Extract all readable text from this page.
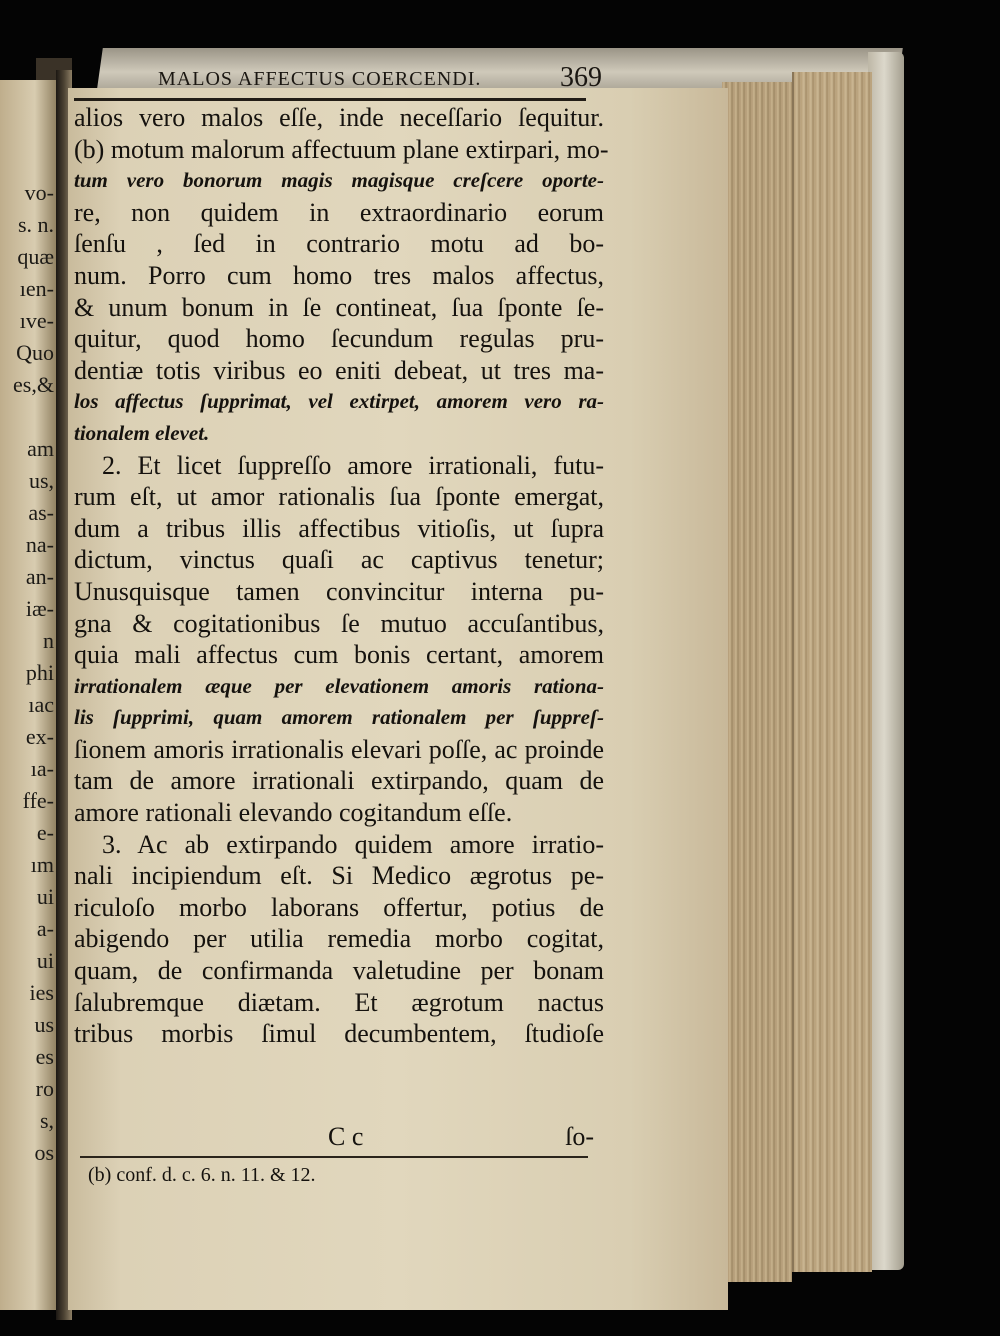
vo-
s. n.
quæ
ıen-
ıve-
Quo
es,&
am
us,
as-
na-
an-
iæ-
n
phi
ıac
ex-
ıa-
ffe-
e-
ım
ui
a-
ui
ies
us
es
ro
s,
os
MALOS AFFECTUS COERCENDI.	369
alios vero malos eſſe, inde neceſſario ſequitur.
(b) motum malorum affectuum plane extirpari, mo-
tum vero bonorum magis magisque creſcere oporte-
re, non quidem in extraordinario eorum
ſenſu , ſed in contrario motu ad bo-
num. Porro cum homo tres malos affectus,
& unum bonum in ſe contineat, ſua ſponte ſe-
quitur, quod homo ſecundum regulas pru-
dentiæ totis viribus eo eniti debeat, ut tres ma-
los affectus ſupprimat, vel extirpet, amorem vero ra-
tionalem elevet.
2. Et licet ſuppreſſo amore irrationali, futu-
rum eſt, ut amor rationalis ſua ſponte emergat,
dum a tribus illis affectibus vitioſis, ut ſupra
dictum, vinctus quaſi ac captivus tenetur;
Unusquisque tamen convincitur interna pu-
gna & cogitationibus ſe mutuo accuſantibus,
quia mali affectus cum bonis certant, amorem
irrationalem æque per elevationem amoris rationa-
lis ſupprimi, quam amorem rationalem per ſuppreſ-
ſionem amoris irrationalis elevari poſſe, ac proinde
tam de amore irrationali extirpando, quam de
amore rationali elevando cogitandum eſſe.
3. Ac ab extirpando quidem amore irratio-
nali incipiendum eſt. Si Medico ægrotus pe-
riculoſo morbo laborans offertur, potius de
abigendo per utilia remedia morbo cogitat,
quam, de confirmanda valetudine per bonam
ſalubremque diætam. Et ægrotum nactus
tribus morbis ſimul decumbentem, ſtudioſe
C c	ſo-
(b) conf. d. c. 6. n. 11. & 12.
